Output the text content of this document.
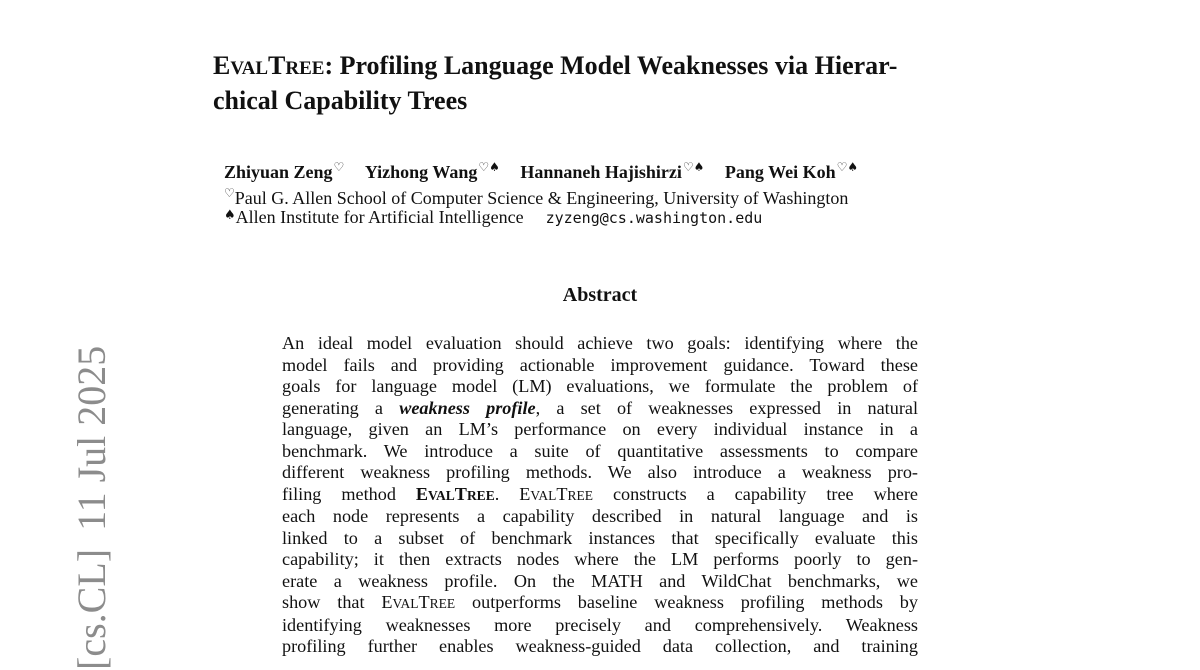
[cs.CL]11 Jul 2025
EVALTREE: Profiling Language Model Weaknesses via Hierar-
chical Capability Trees
Zhiyuan Zeng♡ Yizhong Wang♡♠ Hannaneh Hajishirzi♡♠ Pang Wei Koh♡♠
♡Paul G. Allen School of Computer Science & Engineering, University of Washington
♠Allen Institute for Artificial Intelligence zyzeng@cs.washington.edu
Abstract
An ideal model evaluation should achieve two goals: identifying where the
model fails and providing actionable improvement guidance. Toward these
goals for language model (LM) evaluations, we formulate the problem of
generating a weakness profile, a set of weaknesses expressed in natural
language, given an LM’s performance on every individual instance in a
benchmark. We introduce a suite of quantitative assessments to compare
different weakness profiling methods. We also introduce a weakness pro-
filing method EVALTREE. EVALTREE constructs a capability tree where
each node represents a capability described in natural language and is
linked to a subset of benchmark instances that specifically evaluate this
capability; it then extracts nodes where the LM performs poorly to gen-
erate a weakness profile. On the MATH and WildChat benchmarks, we
show that EVALTREE outperforms baseline weakness profiling methods by
identifying weaknesses more precisely and comprehensively. Weakness
profiling further enables weakness-guided data collection, and training
